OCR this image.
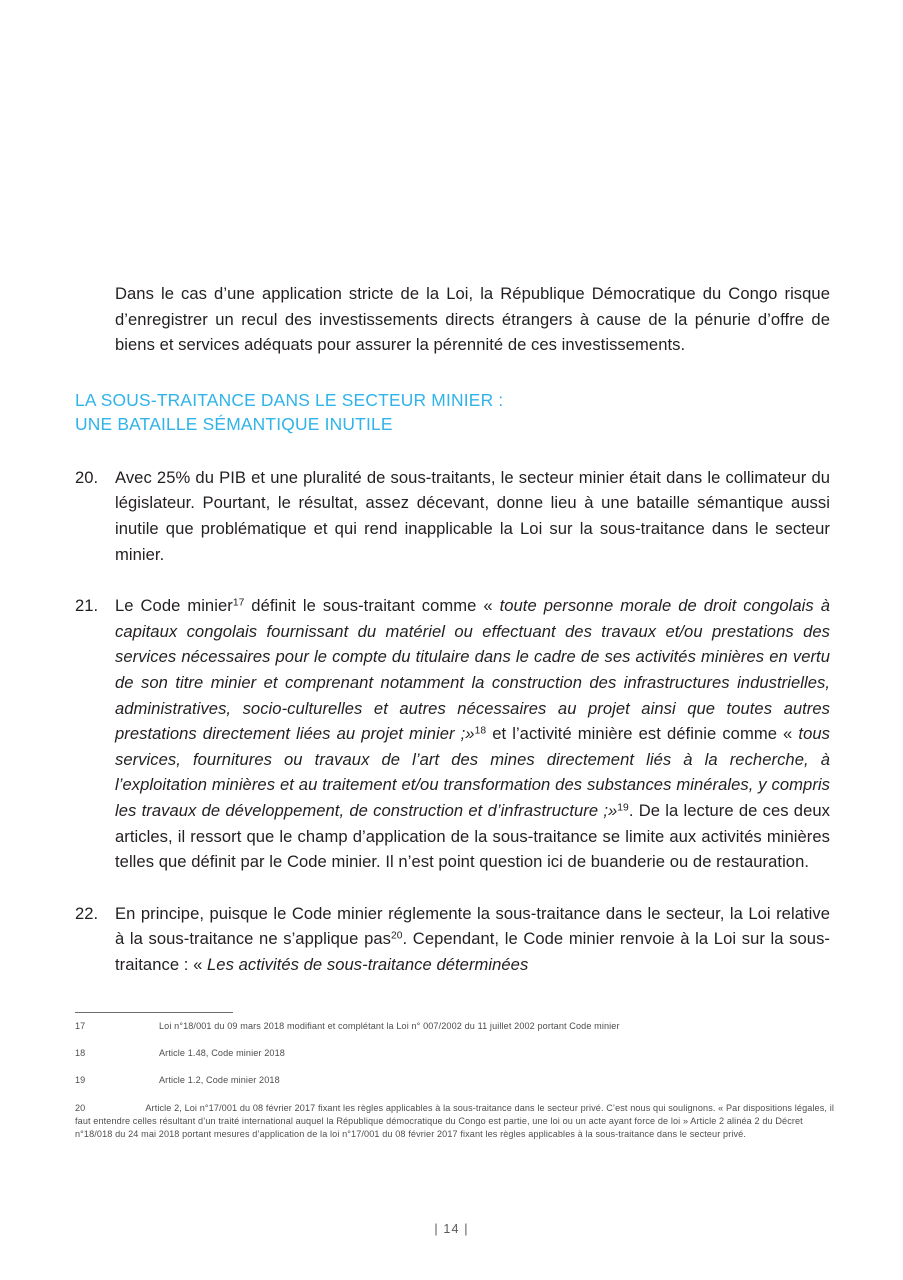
Dans le cas d’une application stricte de la Loi, la République Démocratique du Congo risque d’enregistrer un recul des investissements directs étrangers à cause de la pénurie d’offre de biens et services adéquats pour assurer la pérennité de ces investissements.

LA SOUS-TRAITANCE DANS LE SECTEUR MINIER :
UNE BATAILLE SÉMANTIQUE INUTILE
20.	Avec 25% du PIB et une pluralité de sous-traitants, le secteur minier était dans le collimateur du législateur. Pourtant, le résultat, assez décevant, donne lieu à une bataille sémantique aussi inutile que problématique et qui rend inapplicable la Loi sur la sous-traitance dans le secteur minier.
21.	Le Code minier$^{17}$ définit le sous-traitant comme « toute personne morale de droit congolais à capitaux congolais fournissant du matériel ou effectuant des travaux et/ou prestations des services nécessaires pour le compte du titulaire dans le cadre de ses activités minières en vertu de son titre minier et comprenant notamment la construction des infrastructures industrielles, administratives, socio-culturelles et autres nécessaires au projet ainsi que toutes autres prestations directement liées au projet minier ;»$^{18}$ et l’activité minière est définie comme « tous services, fournitures ou travaux de l’art des mines directement liés à la recherche, à l’exploitation minières et au traitement et/ou transformation des substances minérales, y compris les travaux de développement, de construction et d’infrastructure ;»$^{19}$. De la lecture de ces deux articles, il ressort que le champ d’application de la sous-traitance se limite aux activités minières telles que définit par le Code minier. Il n’est point question ici de buanderie ou de restauration.
22.	En principe, puisque le Code minier réglemente la sous-traitance dans le secteur, la Loi relative à la sous-traitance ne s’applique pas$^{20}$. Cependant, le Code minier renvoie à la Loi sur la sous-traitance : « Les activités de sous-traitance déterminées
17	Loi n°18/001 du 09 mars 2018 modifiant et complétant la Loi n° 007/2002 du 11 juillet 2002 portant Code minier
18	Article 1.48, Code minier 2018
19	Article 1.2, Code minier 2018
20	Article 2, Loi n°17/001 du 08 février 2017 fixant les règles applicables à la sous-traitance dans le secteur privé. C’est nous qui soulignons. « Par dispositions légales, il faut entendre celles résultant d’un traité international auquel la République démocratique du Congo est partie, une loi ou un acte ayant force de loi » Article 2 alinéa 2 du Décret n°18/018 du 24 mai 2018 portant mesures d’application de la loi n°17/001 du 08 février 2017 fixant les règles applicables à la sous-traitance dans le secteur privé.
| 14 |
